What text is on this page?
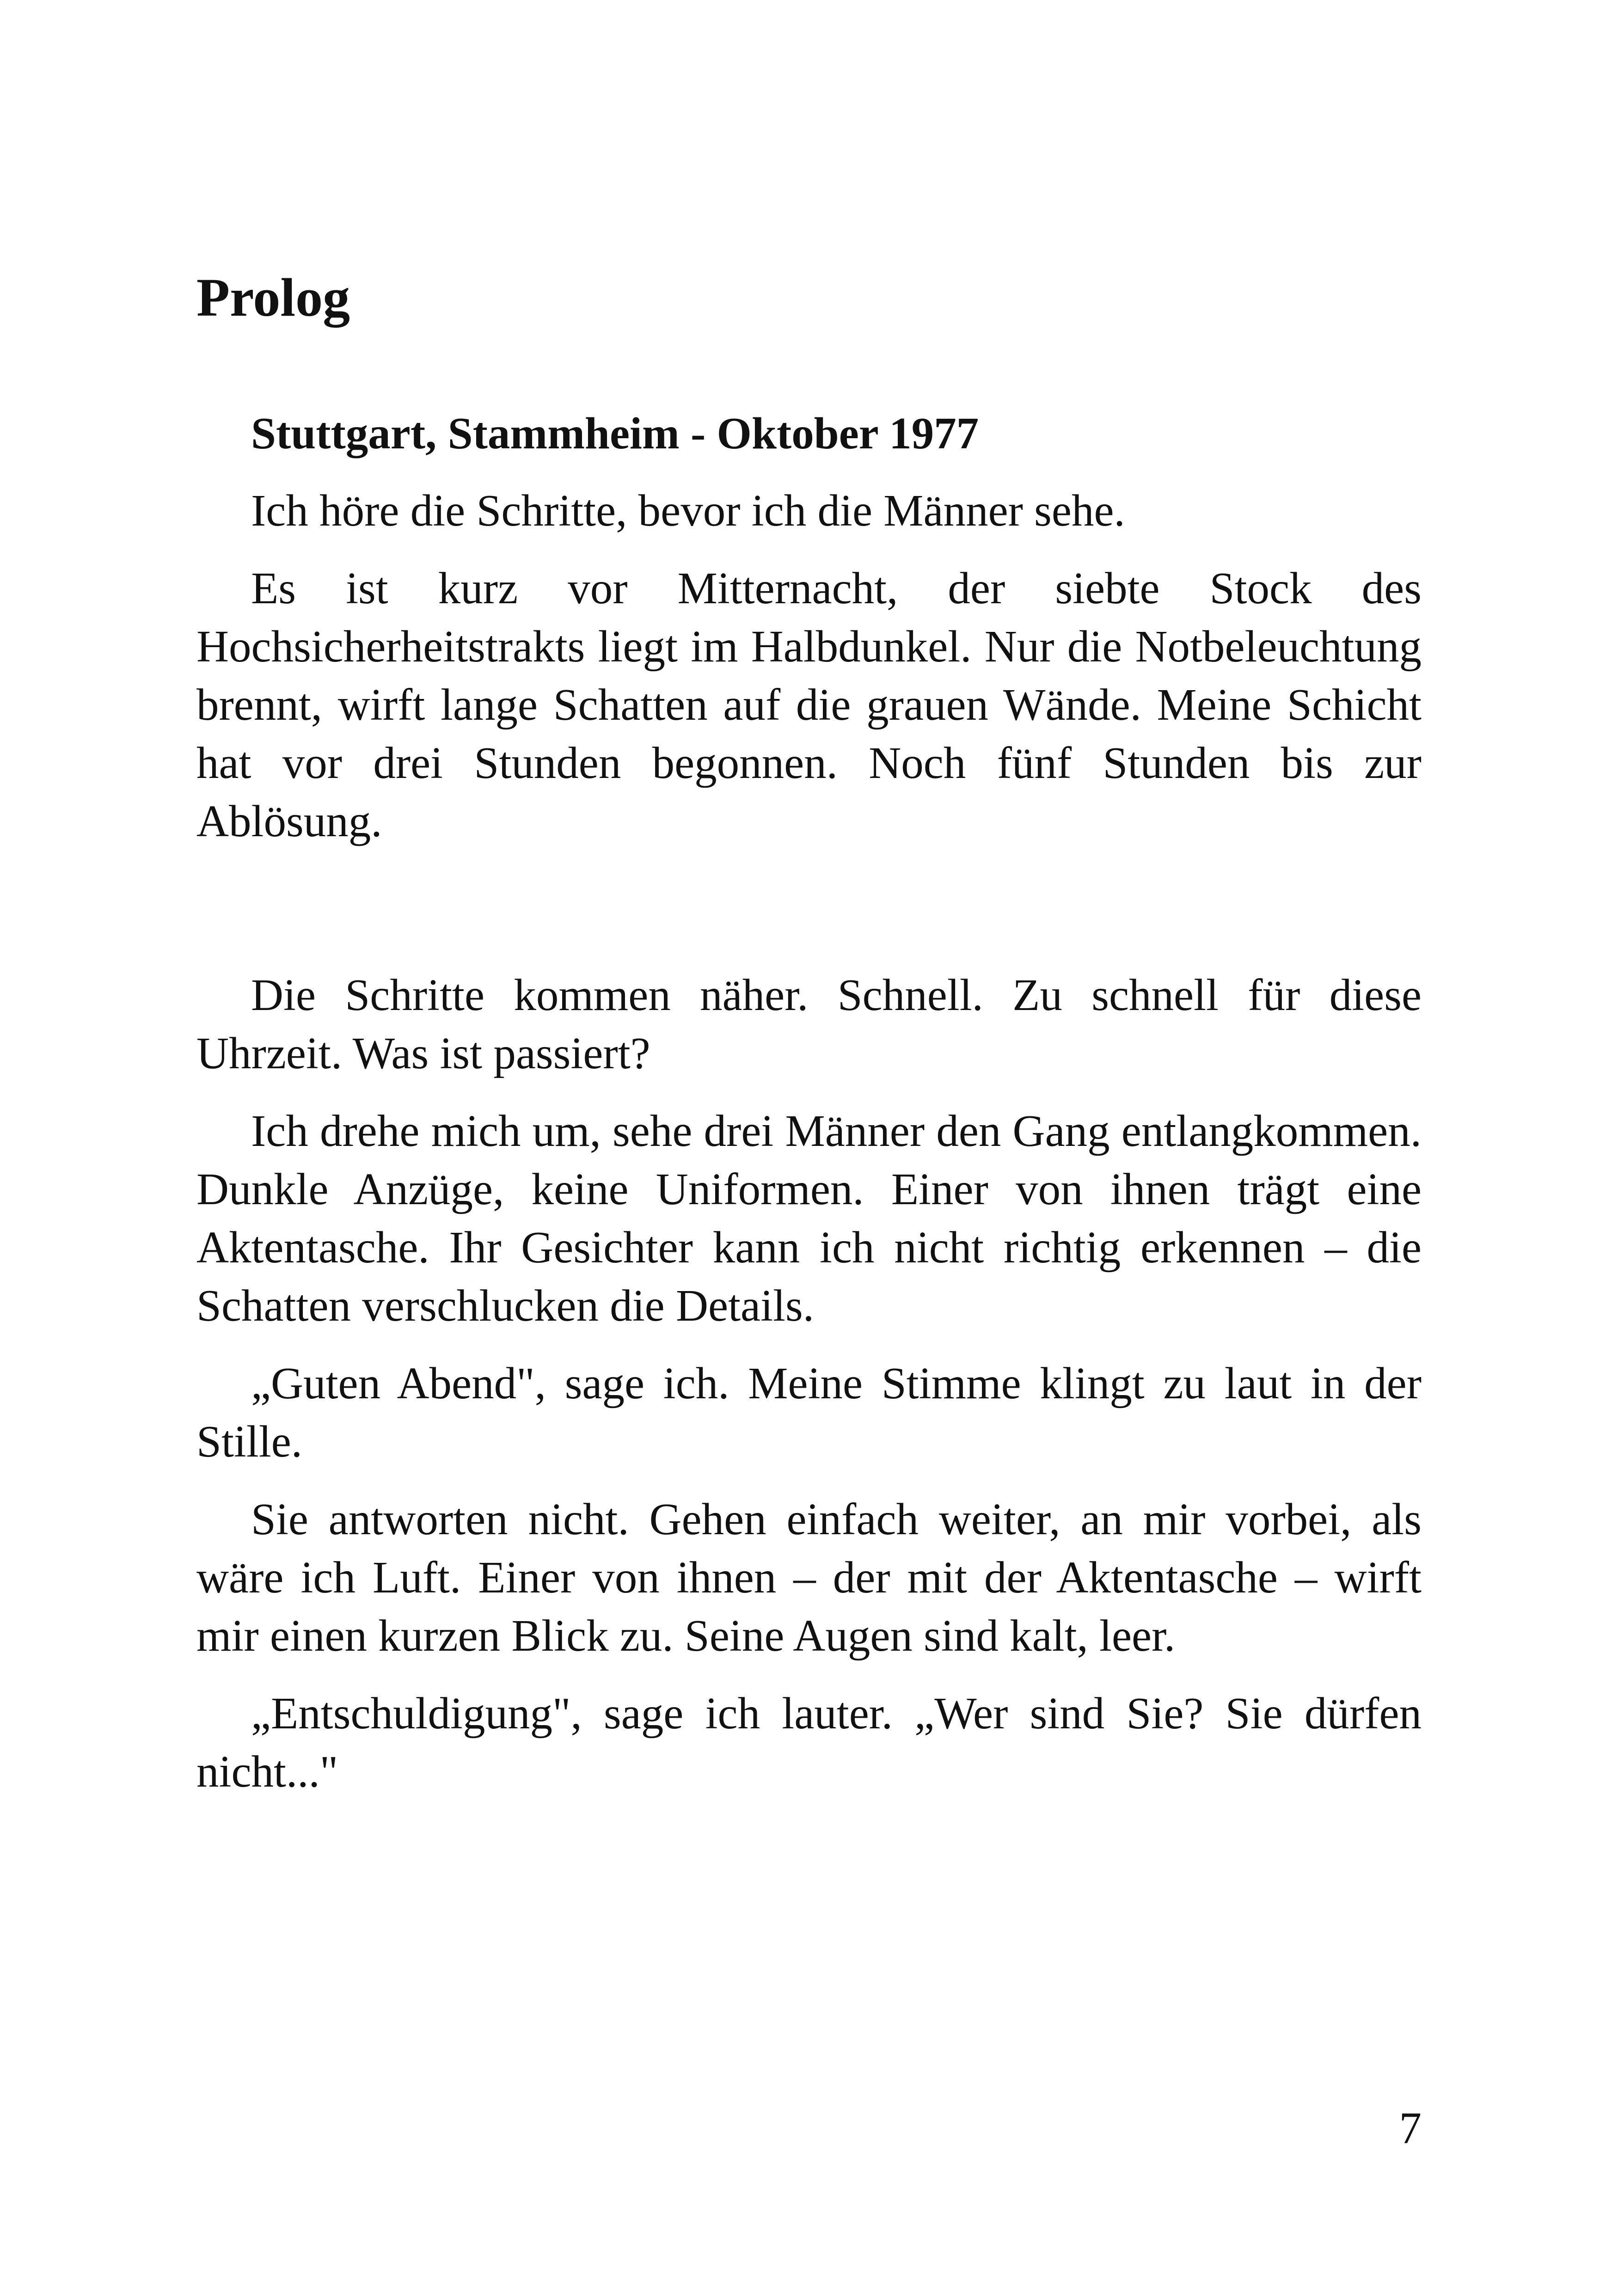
Prolog

Stuttgart, Stammheim - Oktober 1977

Ich höre die Schritte, bevor ich die Männer sehe.

Es ist kurz vor Mitternacht, der siebte Stock des Hochsicherheitstrakts liegt im Halbdunkel. Nur die Notbeleuchtung brennt, wirft lange Schatten auf die grauen Wände. Meine Schicht hat vor drei Stunden begonnen. Noch fünf Stunden bis zur Ablösung.

Die Schritte kommen näher. Schnell. Zu schnell für diese Uhrzeit. Was ist passiert?

Ich drehe mich um, sehe drei Männer den Gang entlangkommen. Dunkle Anzüge, keine Uniformen. Einer von ihnen trägt eine Aktentasche. Ihr Gesichter kann ich nicht richtig erkennen – die Schatten verschlucken die Details.

„Guten Abend", sage ich. Meine Stimme klingt zu laut in der Stille.

Sie antworten nicht. Gehen einfach weiter, an mir vorbei, als wäre ich Luft. Einer von ihnen – der mit der Aktentasche – wirft mir einen kurzen Blick zu. Seine Augen sind kalt, leer.

„Entschuldigung", sage ich lauter. „Wer sind Sie? Sie dürfen nicht..."

7
